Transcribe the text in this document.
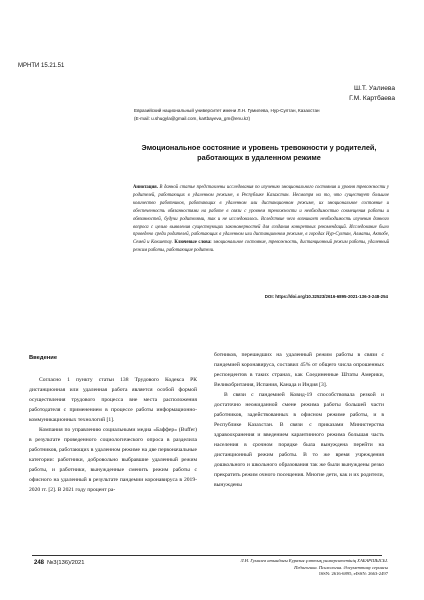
МРНТИ 15.21.51
Ш.Т. Уалиева
Г.М. Картбаева
Евразийский национальный университет имени Л.Н. Гумилева, Нур-Султан, Казахстан
(E-mail: u.shugyla@gmail.com, kartbayeva_gm@enu.kz)
Эмоциональное состояние и уровень тревожности у родителей, работающих в удаленном режиме
Аннотация. В данной статье представлены исследования по изучению эмоционального состояния и уровня тревожности у родителей, работающих в удаленном режиме, в Республике Казахстан. Несмотря на то, что существует большое количество работников, работающих в удаленном или дистанционном режиме, их эмоциональное состояние и обеспеченность обязанностями на работе в связи с уровнем тревожности и необходимостью совмещения работы и обязанностей, будучи родителями, так и не исследовалось. Вследствие чего возникает необходимость изучения данного вопроса с целью выявления существующих закономерностей для создания конкретных рекомендаций. Исследование было проведено среди родителей, работающих в удаленном или дистанционном режиме, в городах Нур-Султан, Алматы, Актобе, Семей и Кокшетау. Ключевые слова: эмоциональное состояние, тревожность, дистанционный режим работы, удаленный режим работы, работающие родители.
DOI: https://doi.org/10.32523/2616-6895-2021-136-3-248-254
Введение

Согласно 1 пункту статьи 138 Трудового Кодекса РК дистанционная или удаленная работа является особой формой осуществления трудового процесса вне места расположения работодателя с применением в процессе работы информационно-коммуникационных технологий [1].

Компания по управлению социальными медиа «Баффер» (Buffer) в результате проведенного социологического опроса в разделила работников, работающих в удаленном режиме на две первоначальные категории: работники, добровольно выбравшие удаленный режим работы, и работники, вынужденные сменить режим работы с офисного на удаленный в результате пандемии коронавируса в 2019-2020 гг. [2]. В 2021 году процент ра-

ботников, перешедших на удаленный режим работы в связи с пандемией коронавируса, составил 45% от общего числа опрошенных респондентов в таких странах, как Соединенные Штаты Америки, Великобритания, Испания, Канада и Индия [3].

В связи с пандемией Ковид-19 способствовала резкой и достаточно неожиданной смене режима работы большей части работников, задействованных в офисном режиме работы, и в Республике Казахстан. В связи с приказами Министерства здравоохранения и введением карантинного режима большая часть населения в срочном порядке была вынуждена перейти на дистанционный режим работы. В то же время учреждения дошкольного и школьного образования так же были вынуждены резко прекратить режим очного посещения. Многие дети, как и их родители, вынуждены

248 №3(136)/2021	Л.Н. Гумилев атындағы Еуразия ұлттық университетінің ХАБАРШЫСЫ.
Педагогика. Психология. Әлеуметтану сериясы
ISSN: 2616-6895, eISSN: 2663-2497
